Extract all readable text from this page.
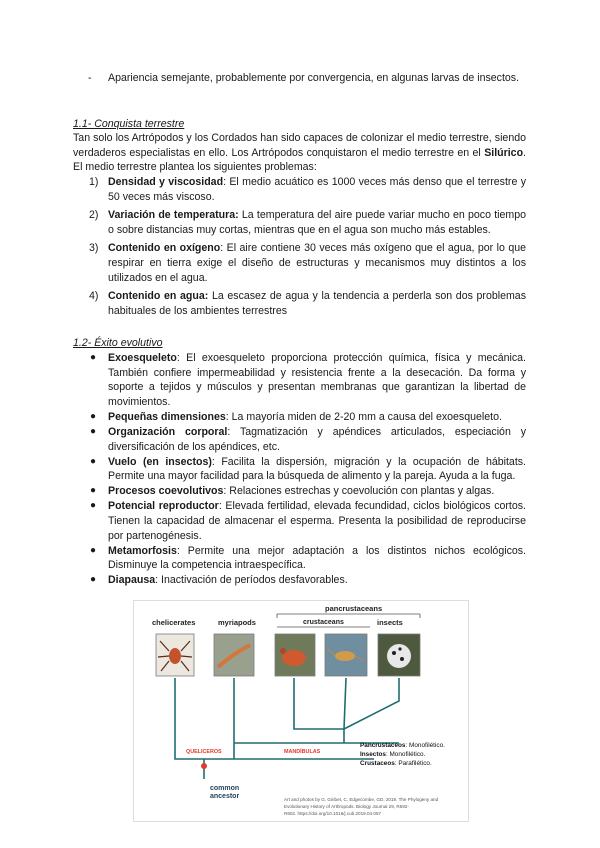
- Apariencia semejante, probablemente por convergencia, en algunas larvas de insectos.
1.1- Conquista terrestre
Tan solo los Artrópodos y los Cordados han sido capaces de colonizar el medio terrestre, siendo verdaderos especialistas en ello. Los Artrópodos conquistaron el medio terrestre en el Silúrico. El medio terrestre plantea los siguientes problemas:
1) Densidad y viscosidad: El medio acuático es 1000 veces más denso que el terrestre y 50 veces más viscoso.
2) Variación de temperatura: La temperatura del aire puede variar mucho en poco tiempo o sobre distancias muy cortas, mientras que en el agua son mucho más estables.
3) Contenido en oxígeno: El aire contiene 30 veces más oxígeno que el agua, por lo que respirar en tierra exige el diseño de estructuras y mecanismos muy distintos a los utilizados en el agua.
4) Contenido en agua: La escasez de agua y la tendencia a perderla son dos problemas habituales de los ambientes terrestres
1.2- Éxito evolutivo
● Exoesqueleto: El exoesqueleto proporciona protección química, física y mecánica. También confiere impermeabilidad y resistencia frente a la desecación. Da forma y soporte a tejidos y músculos y presentan membranas que garantizan la libertad de movimientos.
● Pequeñas dimensiones: La mayoría miden de 2-20 mm a causa del exoesqueleto.
● Organización corporal: Tagmatización y apéndices articulados, especiación y diversificación de los apéndices, etc.
● Vuelo (en insectos): Facilita la dispersión, migración y la ocupación de hábitats. Permite una mayor facilidad para la búsqueda de alimento y la pareja. Ayuda a la fuga.
● Procesos coevolutivos: Relaciones estrechas y coevolución con plantas y algas.
● Potencial reproductor: Elevada fertilidad, elevada fecundidad, ciclos biológicos cortos. Tienen la capacidad de almacenar el esperma. Presenta la posibilidad de reproducirse por partenogénesis.
● Metamorfosis: Permite una mejor adaptación a los distintos nichos ecológicos. Disminuye la competencia intraespecífica.
● Diapausa: Inactivación de períodos desfavorables.
chelicerates	myriapods
pancrustaceans
crustaceans	insects
QUELICEROS	MANDÍBULAS
common
ancestor
Pancrustaceos: Monofilético.
Insectos: Monofilético.
Crustaceos: Parafilético.
Art and photos by G. Giribet, C. Edgecombe, GD, 2019. The Phylogeny and
Evolutionary History of Arthropods. Biology Journal 29, R592-
R602. https://doi.org/10.1016/j.cub.2019.04.057
